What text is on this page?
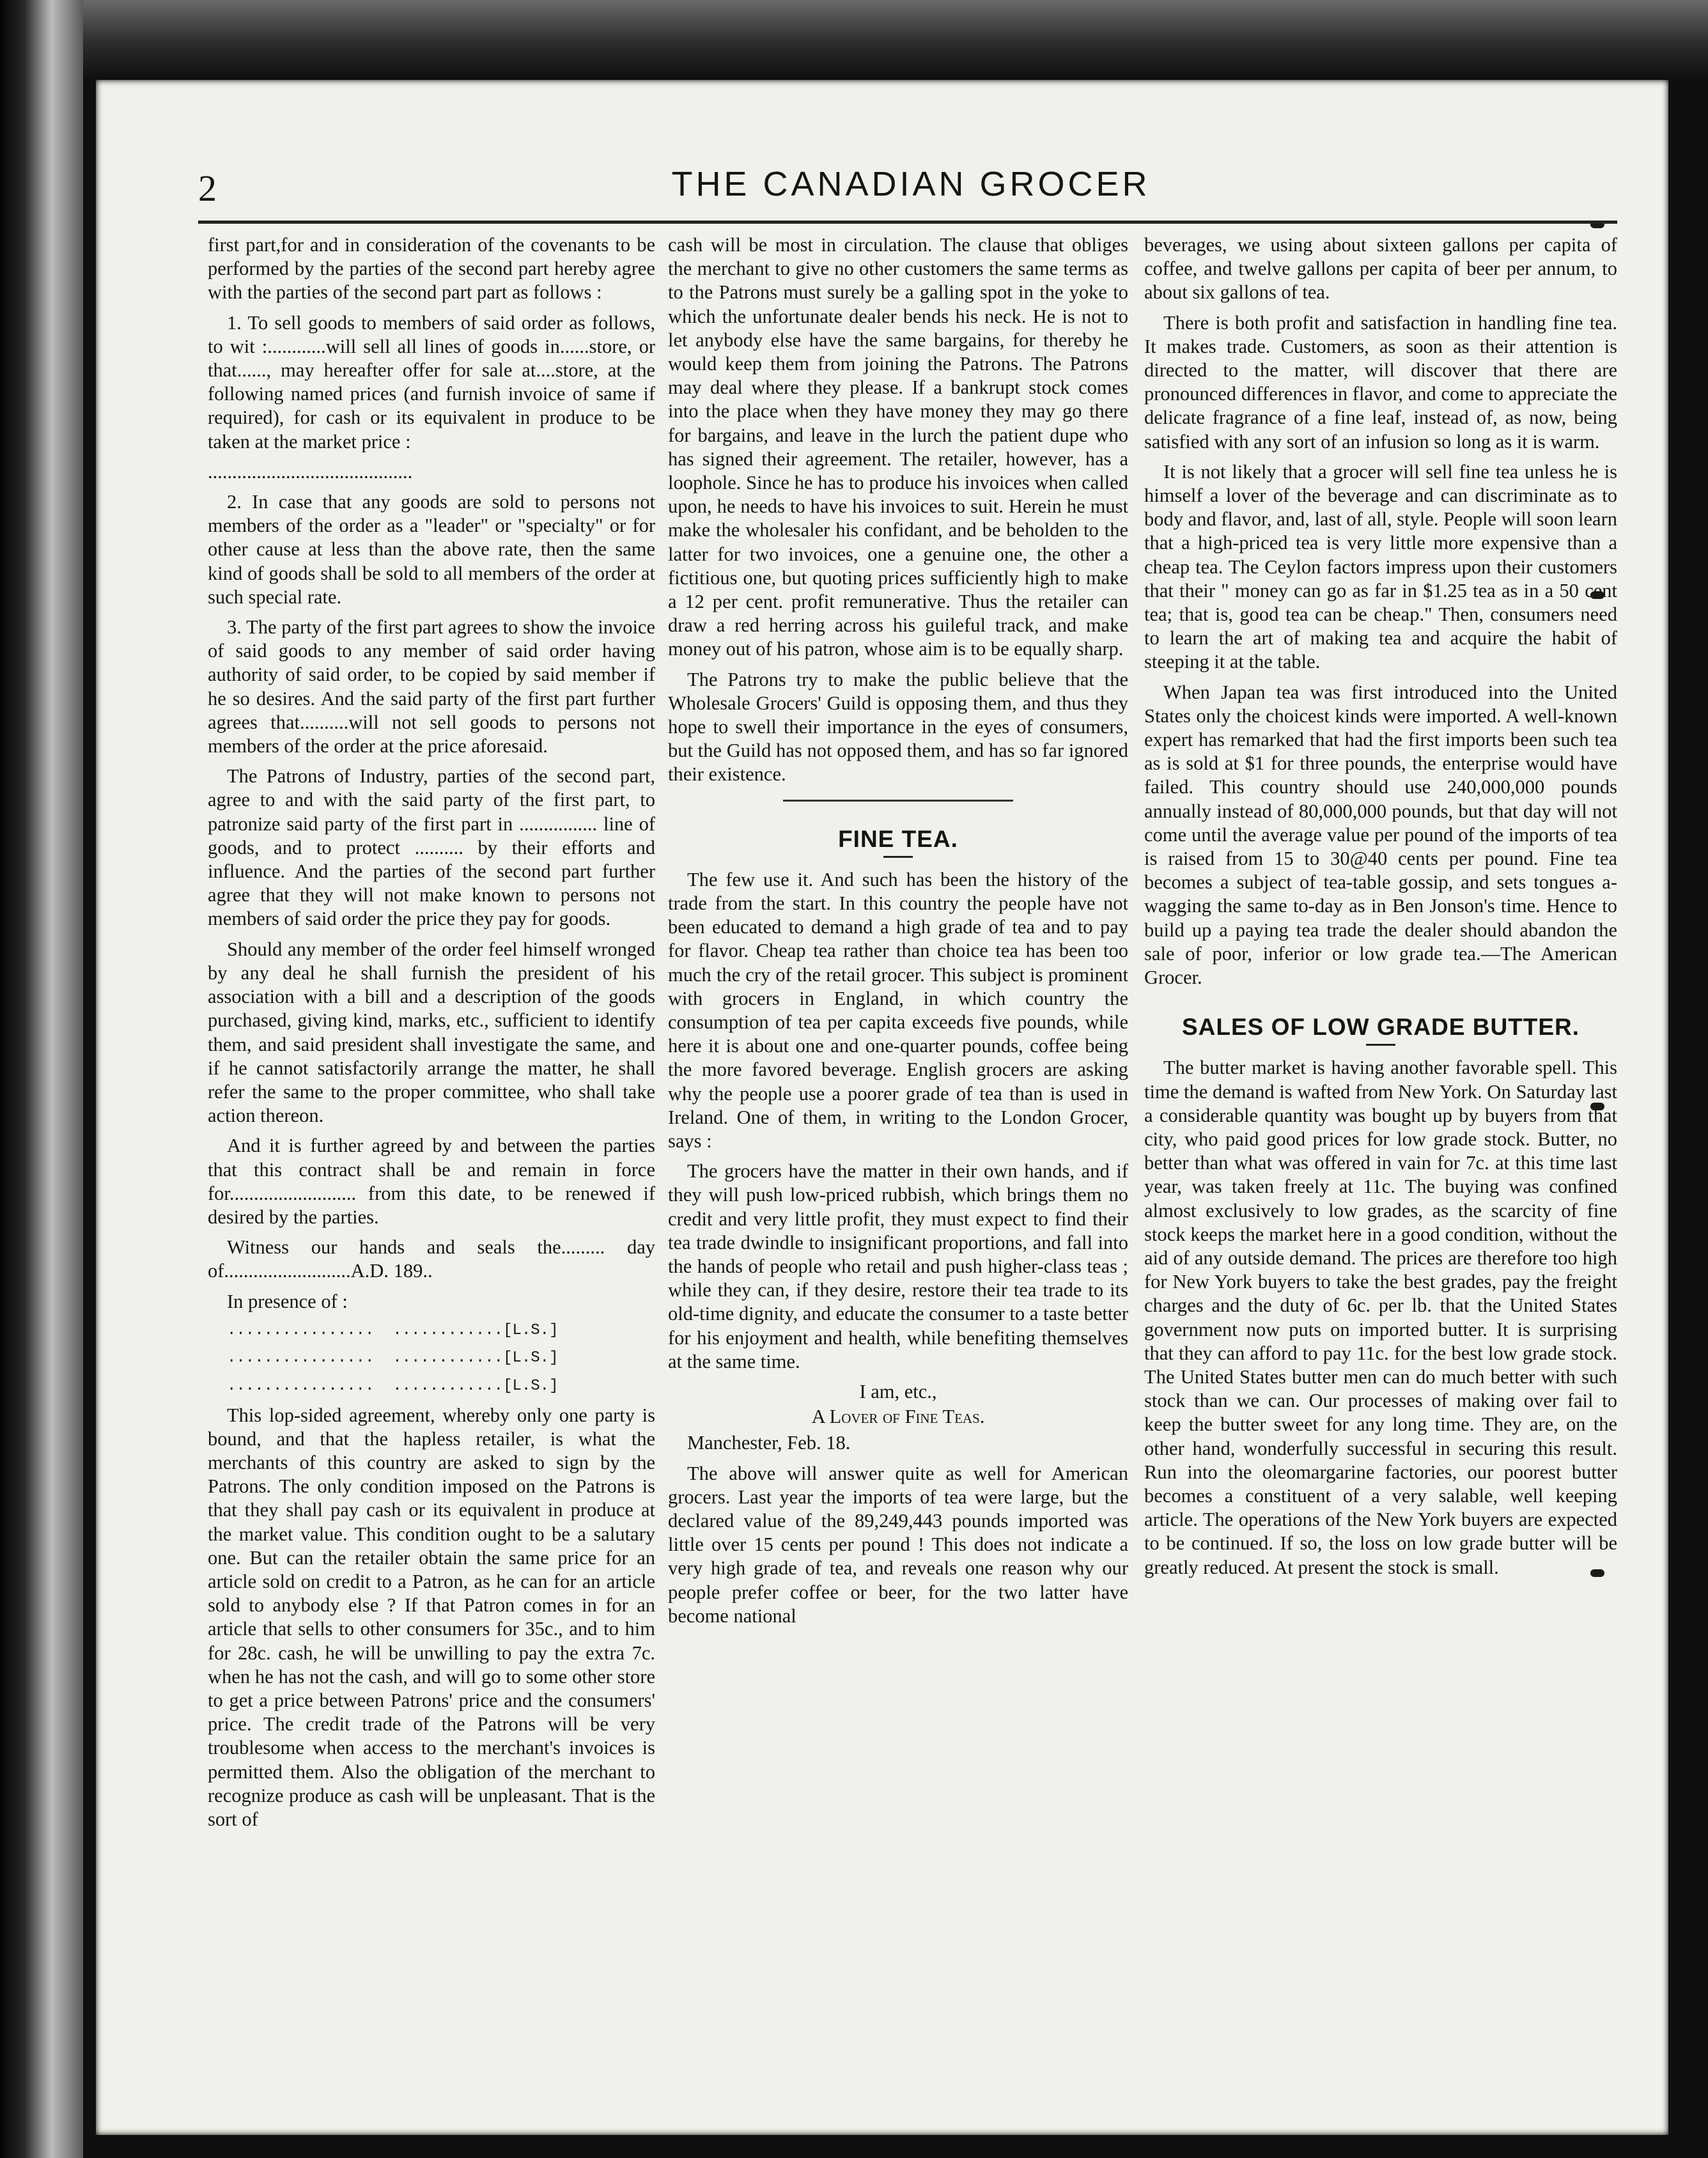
2	THE CANADIAN GROCER

first part,for and in consideration of the covenants to be performed by the parties of the second part hereby agree with the parties of the second part part as follows :

1. To sell goods to members of said order as follows, to wit :............will sell all lines of goods in......store, or that......, may hereafter offer for sale at....store, at the following named prices (and furnish invoice of same if required), for cash or its equivalent in produce to be taken at the market price :

..........................................

2. In case that any goods are sold to persons not members of the order as a "leader" or "specialty" or for other cause at less than the above rate, then the same kind of goods shall be sold to all members of the order at such special rate.

3. The party of the first part agrees to show the invoice of said goods to any member of said order having authority of said order, to be copied by said member if he so desires. And the said party of the first part further agrees that..........will not sell goods to persons not members of the order at the price aforesaid.

The Patrons of Industry, parties of the second part, agree to and with the said party of the first part, to patronize said party of the first part in ................ line of goods, and to protect .......... by their efforts and influence. And the parties of the second part further agree that they will not make known to persons not members of said order the price they pay for goods.

Should any member of the order feel himself wronged by any deal he shall furnish the president of his association with a bill and a description of the goods purchased, giving kind, marks, etc., sufficient to identify them, and said president shall investigate the same, and if he cannot satisfactorily arrange the matter, he shall refer the same to the proper committee, who shall take action thereon.

And it is further agreed by and between the parties that this contract shall be and remain in force for.......................... from this date, to be renewed if desired by the parties.

Witness our hands and seals the......... day of..........................A.D. 189..

In presence of :

................  ............[L.S.]

................  ............[L.S.]

................  ............[L.S.]

This lop-sided agreement, whereby only one party is bound, and that the hapless retailer, is what the merchants of this country are asked to sign by the Patrons. The only condition imposed on the Patrons is that they shall pay cash or its equivalent in produce at the market value. This condition ought to be a salutary one. But can the retailer obtain the same price for an article sold on credit to a Patron, as he can for an article sold to anybody else ? If that Patron comes in for an article that sells to other consumers for 35c., and to him for 28c. cash, he will be unwilling to pay the extra 7c. when he has not the cash, and will go to some other store to get a price between Patrons' price and the consumers' price. The credit trade of the Patrons will be very troublesome when access to the merchant's invoices is permitted them. Also the obligation of the merchant to recognize produce as cash will be unpleasant. That is the sort of

cash will be most in circulation. The clause that obliges the merchant to give no other customers the same terms as to the Patrons must surely be a galling spot in the yoke to which the unfortunate dealer bends his neck. He is not to let anybody else have the same bargains, for thereby he would keep them from joining the Patrons. The Patrons may deal where they please. If a bankrupt stock comes into the place when they have money they may go there for bargains, and leave in the lurch the patient dupe who has signed their agreement. The retailer, however, has a loophole. Since he has to produce his invoices when called upon, he needs to have his invoices to suit. Herein he must make the wholesaler his confidant, and be beholden to the latter for two invoices, one a genuine one, the other a fictitious one, but quoting prices sufficiently high to make a 12 per cent. profit remunerative. Thus the retailer can draw a red herring across his guileful track, and make money out of his patron, whose aim is to be equally sharp.

The Patrons try to make the public believe that the Wholesale Grocers' Guild is opposing them, and thus they hope to swell their importance in the eyes of consumers, but the Guild has not opposed them, and has so far ignored their existence.

FINE TEA.

The few use it. And such has been the history of the trade from the start. In this country the people have not been educated to demand a high grade of tea and to pay for flavor. Cheap tea rather than choice tea has been too much the cry of the retail grocer. This subject is prominent with grocers in England, in which country the consumption of tea per capita exceeds five pounds, while here it is about one and one-quarter pounds, coffee being the more favored beverage. English grocers are asking why the people use a poorer grade of tea than is used in Ireland. One of them, in writing to the London Grocer, says :

The grocers have the matter in their own hands, and if they will push low-priced rubbish, which brings them no credit and very little profit, they must expect to find their tea trade dwindle to insignificant proportions, and fall into the hands of people who retail and push higher-class teas ; while they can, if they desire, restore their tea trade to its old-time dignity, and educate the consumer to a taste better for his enjoyment and health, while benefiting themselves at the same time.

I am, etc.,
A Lover of Fine Teas.

Manchester, Feb. 18.

The above will answer quite as well for American grocers. Last year the imports of tea were large, but the declared value of the 89,249,443 pounds imported was little over 15 cents per pound ! This does not indicate a very high grade of tea, and reveals one reason why our people prefer coffee or beer, for the two latter have become national

beverages, we using about sixteen gallons per capita of coffee, and twelve gallons per capita of beer per annum, to about six gallons of tea.

There is both profit and satisfaction in handling fine tea. It makes trade. Customers, as soon as their attention is directed to the matter, will discover that there are pronounced differences in flavor, and come to appreciate the delicate fragrance of a fine leaf, instead of, as now, being satisfied with any sort of an infusion so long as it is warm.

It is not likely that a grocer will sell fine tea unless he is himself a lover of the beverage and can discriminate as to body and flavor, and, last of all, style. People will soon learn that a high-priced tea is very little more expensive than a cheap tea. The Ceylon factors impress upon their customers that their " money can go as far in $1.25 tea as in a 50 cent tea; that is, good tea can be cheap." Then, consumers need to learn the art of making tea and acquire the habit of steeping it at the table.

When Japan tea was first introduced into the United States only the choicest kinds were imported. A well-known expert has remarked that had the first imports been such tea as is sold at $1 for three pounds, the enterprise would have failed. This country should use 240,000,000 pounds annually instead of 80,000,000 pounds, but that day will not come until the average value per pound of the imports of tea is raised from 15 to 30@40 cents per pound. Fine tea becomes a subject of tea-table gossip, and sets tongues a-wagging the same to-day as in Ben Jonson's time. Hence to build up a paying tea trade the dealer should abandon the sale of poor, inferior or low grade tea.—The American Grocer.

SALES OF LOW GRADE BUTTER.

The butter market is having another favorable spell. This time the demand is wafted from New York. On Saturday last a considerable quantity was bought up by buyers from that city, who paid good prices for low grade stock. Butter, no better than what was offered in vain for 7c. at this time last year, was taken freely at 11c. The buying was confined almost exclusively to low grades, as the scarcity of fine stock keeps the market here in a good condition, without the aid of any outside demand. The prices are therefore too high for New York buyers to take the best grades, pay the freight charges and the duty of 6c. per lb. that the United States government now puts on imported butter. It is surprising that they can afford to pay 11c. for the best low grade stock. The United States butter men can do much better with such stock than we can. Our processes of making over fail to keep the butter sweet for any long time. They are, on the other hand, wonderfully successful in securing this result. Run into the oleomargarine factories, our poorest butter becomes a constituent of a very salable, well keeping article. The operations of the New York buyers are expected to be continued. If so, the loss on low grade butter will be greatly reduced. At present the stock is small.
